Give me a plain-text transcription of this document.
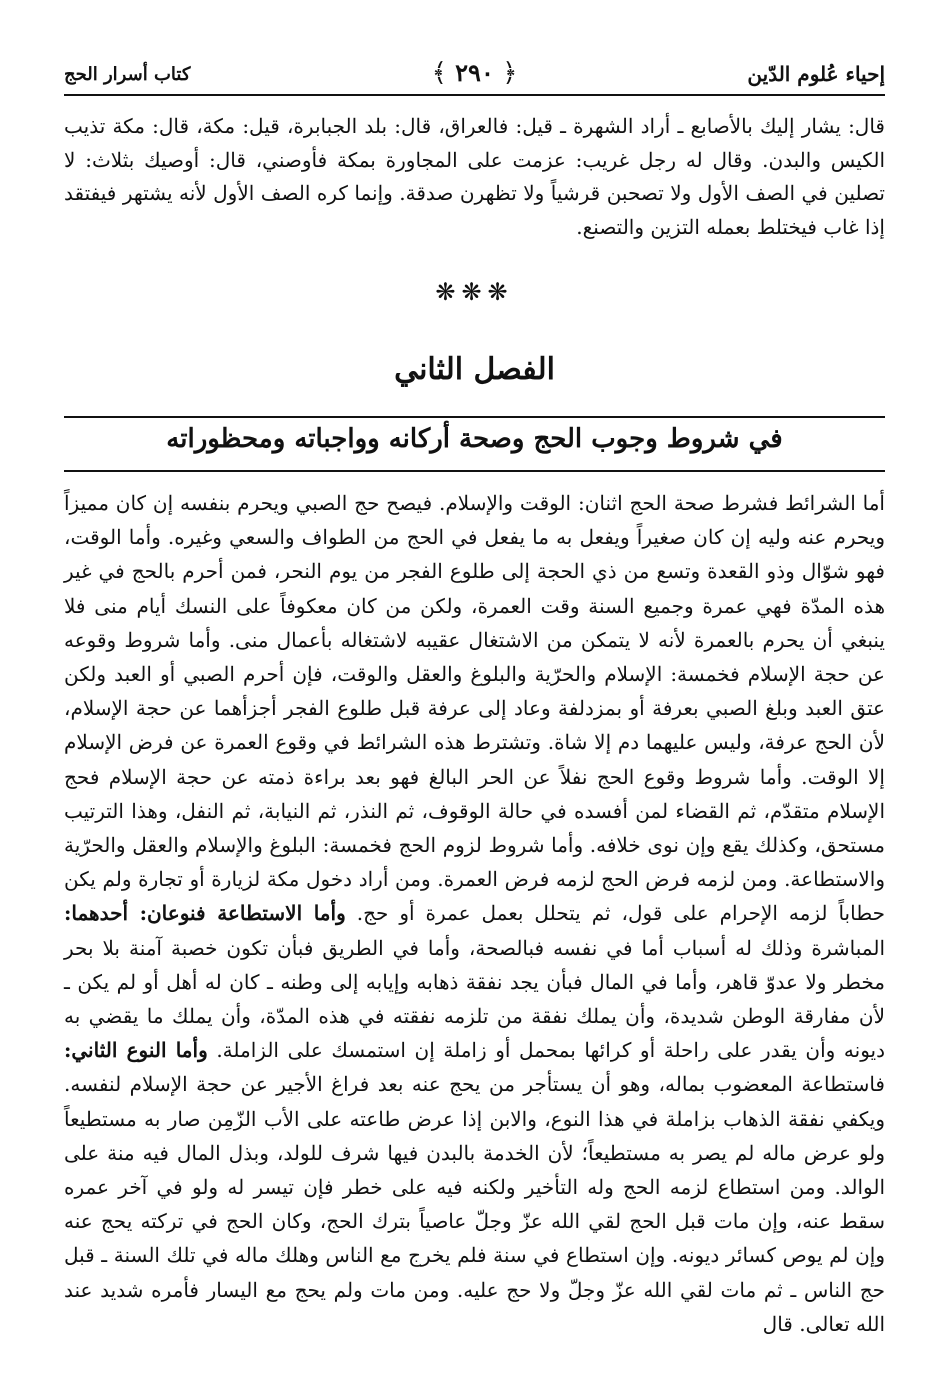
إحياء عُلوم الدّين
﴾ ٢٩٠ ﴿
كتاب أسرار الحج
قال: يشار إليك بالأصابع ـ أراد الشهرة ـ قيل: فالعراق، قال: بلد الجبابرة، قيل: مكة، قال: مكة تذيب الكيس والبدن. وقال له رجل غريب: عزمت على المجاورة بمكة فأوصني، قال: أوصيك بثلاث: لا تصلين في الصف الأول ولا تصحبن قرشياً ولا تظهرن صدقة. وإنما كره الصف الأول لأنه يشتهر فيفتقد إذا غاب فيختلط بعمله التزين والتصنع.
❋❋❋
الفصل الثاني
في شروط وجوب الحج وصحة أركانه وواجباته ومحظوراته
أما الشرائط فشرط صحة الحج اثنان: الوقت والإسلام. فيصح حج الصبي ويحرم بنفسه إن كان مميزاً ويحرم عنه وليه إن كان صغيراً ويفعل به ما يفعل في الحج من الطواف والسعي وغيره. وأما الوقت، فهو شوّال وذو القعدة وتسع من ذي الحجة إلى طلوع الفجر من يوم النحر، فمن أحرم بالحج في غير هذه المدّة فهي عمرة وجميع السنة وقت العمرة، ولكن من كان معكوفاً على النسك أيام منى فلا ينبغي أن يحرم بالعمرة لأنه لا يتمكن من الاشتغال عقيبه لاشتغاله بأعمال منى. وأما شروط وقوعه عن حجة الإسلام فخمسة: الإسلام والحرّية والبلوغ والعقل والوقت، فإن أحرم الصبي أو العبد ولكن عتق العبد وبلغ الصبي بعرفة أو بمزدلفة وعاد إلى عرفة قبل طلوع الفجر أجزأهما عن حجة الإسلام، لأن الحج عرفة، وليس عليهما دم إلا شاة. وتشترط هذه الشرائط في وقوع العمرة عن فرض الإسلام إلا الوقت. وأما شروط وقوع الحج نفلاً عن الحر البالغ فهو بعد براءة ذمته عن حجة الإسلام فحج الإسلام متقدّم، ثم القضاء لمن أفسده في حالة الوقوف، ثم النذر، ثم النيابة، ثم النفل، وهذا الترتيب مستحق، وكذلك يقع وإن نوى خلافه. وأما شروط لزوم الحج فخمسة: البلوغ والإسلام والعقل والحرّية والاستطاعة. ومن لزمه فرض الحج لزمه فرض العمرة. ومن أراد دخول مكة لزيارة أو تجارة ولم يكن حطاباً لزمه الإحرام على قول، ثم يتحلل بعمل عمرة أو حج. وأما الاستطاعة فنوعان: أحدهما: المباشرة وذلك له أسباب أما في نفسه فبالصحة، وأما في الطريق فبأن تكون خصبة آمنة بلا بحر مخطر ولا عدوّ قاهر، وأما في المال فبأن يجد نفقة ذهابه وإيابه إلى وطنه ـ كان له أهل أو لم يكن ـ لأن مفارقة الوطن شديدة، وأن يملك نفقة من تلزمه نفقته في هذه المدّة، وأن يملك ما يقضي به ديونه وأن يقدر على راحلة أو كرائها بمحمل أو زاملة إن استمسك على الزاملة. وأما النوع الثاني: فاستطاعة المعضوب بماله، وهو أن يستأجر من يحج عنه بعد فراغ الأجير عن حجة الإسلام لنفسه. ويكفي نفقة الذهاب بزاملة في هذا النوع، والابن إذا عرض طاعته على الأب الزّمِن صار به مستطيعاً ولو عرض ماله لم يصر به مستطيعاً؛ لأن الخدمة بالبدن فيها شرف للولد، وبذل المال فيه منة على الوالد. ومن استطاع لزمه الحج وله التأخير ولكنه فيه على خطر فإن تيسر له ولو في آخر عمره سقط عنه، وإن مات قبل الحج لقي الله عزّ وجلّ عاصياً بترك الحج، وكان الحج في تركته يحج عنه وإن لم يوص كسائر ديونه. وإن استطاع في سنة فلم يخرج مع الناس وهلك ماله في تلك السنة ـ قبل حج الناس ـ ثم مات لقي الله عزّ وجلّ ولا حج عليه. ومن مات ولم يحج مع اليسار فأمره شديد عند الله تعالى. قال
